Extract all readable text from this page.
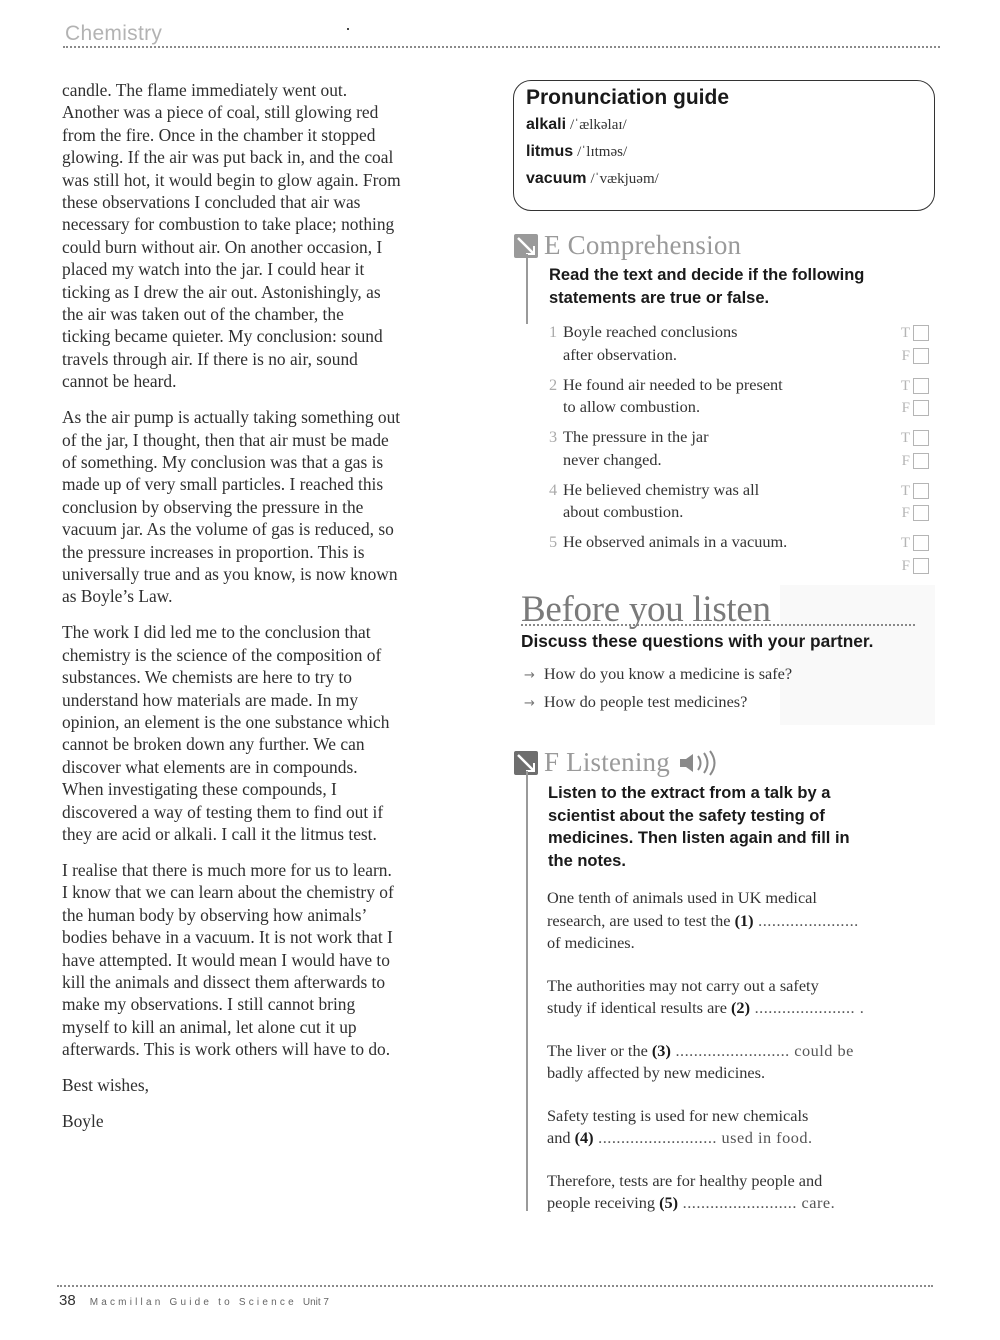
Chemistry

candle. The flame immediately went out.
Another was a piece of coal, still glowing red
from the fire. Once in the chamber it stopped
glowing. If the air was put back in, and the coal
was still hot, it would begin to glow again. From
these observations I concluded that air was
necessary for combustion to take place; nothing
could burn without air. On another occasion, I
placed my watch into the jar. I could hear it
ticking as I drew the air out. Astonishingly, as
the air was taken out of the chamber, the
ticking became quieter. My conclusion: sound
travels through air. If there is no air, sound
cannot be heard.

As the air pump is actually taking something out
of the jar, I thought, then that air must be made
of something. My conclusion was that a gas is
made up of very small particles. I reached this
conclusion by observing the pressure in the
vacuum jar. As the volume of gas is reduced, so
the pressure increases in proportion. This is
universally true and as you know, is now known
as Boyle’s Law.

The work I did led me to the conclusion that
chemistry is the science of the composition of
substances. We chemists are here to try to
understand how materials are made. In my
opinion, an element is the one substance which
cannot be broken down any further. We can
discover what elements are in compounds.
When investigating these compounds, I
discovered a way of testing them to find out if
they are acid or alkali. I call it the litmus test.

I realise that there is much more for us to learn.
I know that we can learn about the chemistry of
the human body by observing how animals’
bodies behave in a vacuum. It is not work that I
have attempted. It would mean I would have to
kill the animals and dissect them afterwards to
make my observations. I still cannot bring
myself to kill an animal, let alone cut it up
afterwards. This is work others will have to do.

Best wishes,

Boyle

Pronunciation guide
alkali /ˈælkəlaɪ/
litmus /ˈlɪtməs/
vacuum /ˈvækjuəm/
E Comprehension
Read the text and decide if the following
statements are true or false.
1 Boyle reached conclusions
after observation.
T
F
2 He found air needed to be present
to allow combustion.
T
F
3 The pressure in the jar
never changed.
T
F
4 He believed chemistry was all
about combustion.
T
F
5 He observed animals in a vacuum.	T
F
Before you listen
Discuss these questions with your partner.
→ How do you know a medicine is safe?
→ How do people test medicines?
F Listening
Listen to the extract from a talk by a
scientist about the safety testing of
medicines. Then listen again and fill in
the notes.
One tenth of animals used in UK medical
research, are used to test the (1) ......................
of medicines.
The authorities may not carry out a safety
study if identical results are (2) ...................... .
The liver or the (3) ......................... could be
badly affected by new medicines.
Safety testing is used for new chemicals
and (4) .......................... used in food.
Therefore, tests are for healthy people and
people receiving (5) ......................... care.
38 Macmillan Guide to Science Unit 7
